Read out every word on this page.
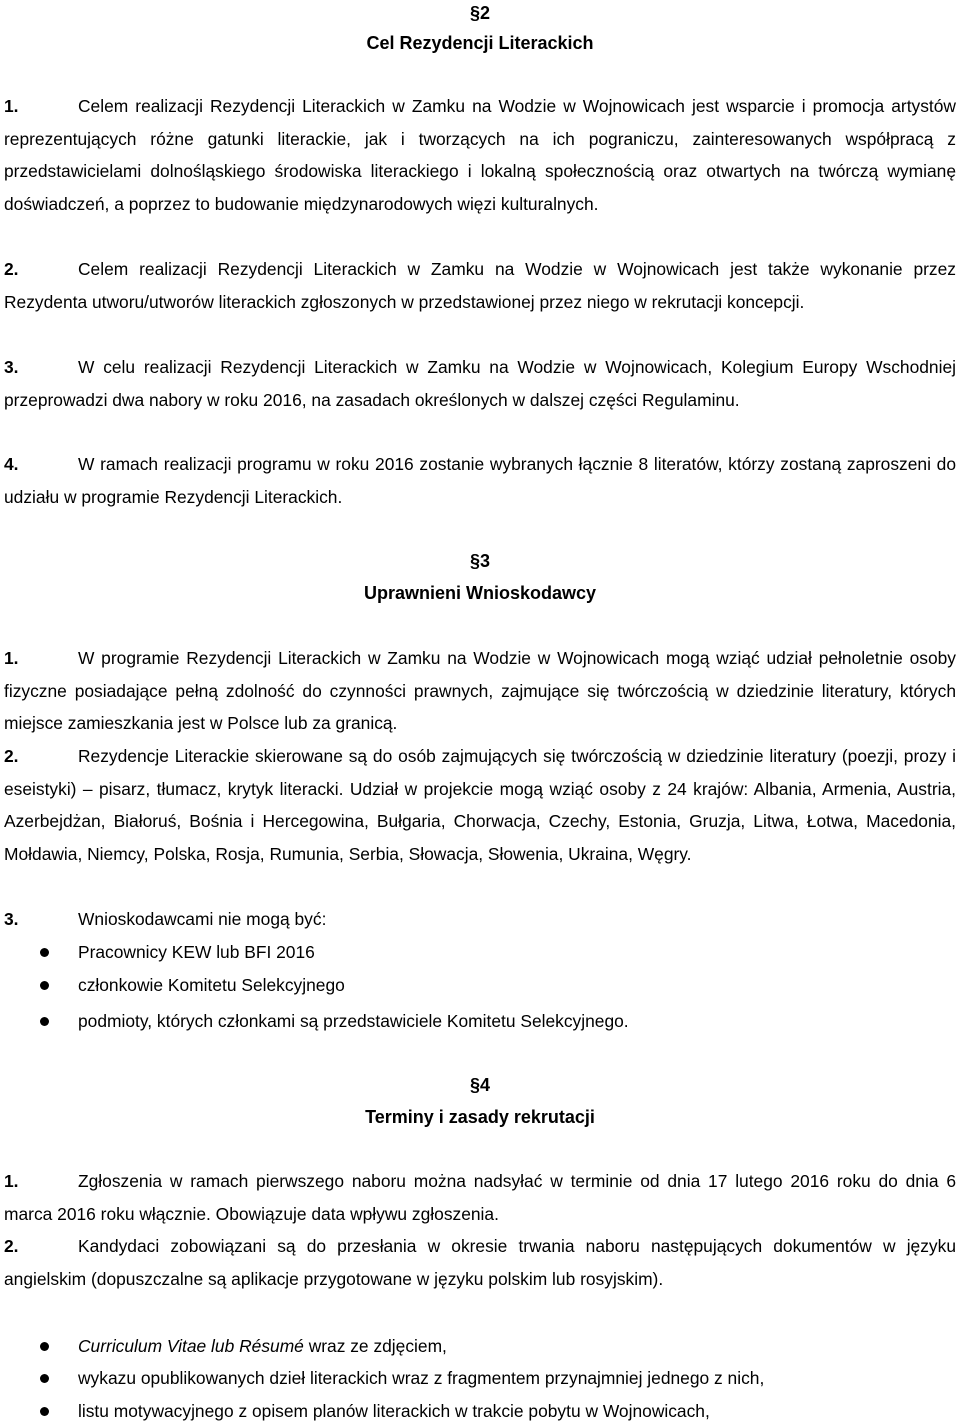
§2
Cel Rezydencji Literackich
1.	Celem realizacji Rezydencji Literackich w Zamku na Wodzie w Wojnowicach jest wsparcie i promocja artystów reprezentujących różne gatunki literackie, jak i tworzących na ich pograniczu, zainteresowanych współpracą z przedstawicielami dolnośląskiego środowiska literackiego i lokalną społecznością oraz otwartych na twórczą wymianę doświadczeń, a poprzez to budowanie międzynarodowych więzi kulturalnych.
2.	Celem realizacji Rezydencji Literackich w Zamku na Wodzie w Wojnowicach jest także wykonanie przez Rezydenta utworu/utworów literackich zgłoszonych w przedstawionej przez niego w rekrutacji koncepcji.
3.	W celu realizacji Rezydencji Literackich w Zamku na Wodzie w Wojnowicach, Kolegium Europy Wschodniej przeprowadzi dwa nabory w roku 2016, na zasadach określonych w dalszej części Regulaminu.
4.	W ramach realizacji programu w roku 2016 zostanie wybranych łącznie 8 literatów, którzy zostaną zaproszeni do udziału w programie Rezydencji Literackich.
§3
Uprawnieni Wnioskodawcy
1.	W programie Rezydencji Literackich w Zamku na Wodzie w Wojnowicach mogą wziąć udział pełnoletnie osoby fizyczne posiadające pełną zdolność do czynności prawnych, zajmujące się twórczością w dziedzinie literatury, których miejsce zamieszkania jest w Polsce lub za granicą.
2.	Rezydencje Literackie skierowane są do osób zajmujących się twórczością w dziedzinie literatury (poezji, prozy i eseistyki) – pisarz, tłumacz, krytyk literacki. Udział w projekcie mogą wziąć osoby z 24 krajów: Albania, Armenia, Austria, Azerbejdżan, Białoruś, Bośnia i Hercegowina, Bułgaria, Chorwacja, Czechy, Estonia, Gruzja, Litwa, Łotwa, Macedonia, Mołdawia, Niemcy, Polska, Rosja, Rumunia, Serbia, Słowacja, Słowenia, Ukraina, Węgry.
3.	Wnioskodawcami nie mogą być:
Pracownicy KEW lub BFI 2016
członkowie Komitetu Selekcyjnego
podmioty, których członkami są przedstawiciele Komitetu Selekcyjnego.
§4
Terminy i zasady rekrutacji
1.	Zgłoszenia w ramach pierwszego naboru można nadsyłać w terminie od dnia 17 lutego 2016 roku do dnia 6 marca 2016 roku włącznie. Obowiązuje data wpływu zgłoszenia.
2.	Kandydaci zobowiązani są do przesłania w okresie trwania naboru następujących dokumentów w języku angielskim (dopuszczalne są aplikacje przygotowane w języku polskim lub rosyjskim).
Curriculum Vitae lub Résumé wraz ze zdjęciem,
wykazu opublikowanych dzieł literackich wraz z fragmentem przynajmniej jednego z nich,
listu motywacyjnego z opisem planów literackich w trakcie pobytu w Wojnowicach,
